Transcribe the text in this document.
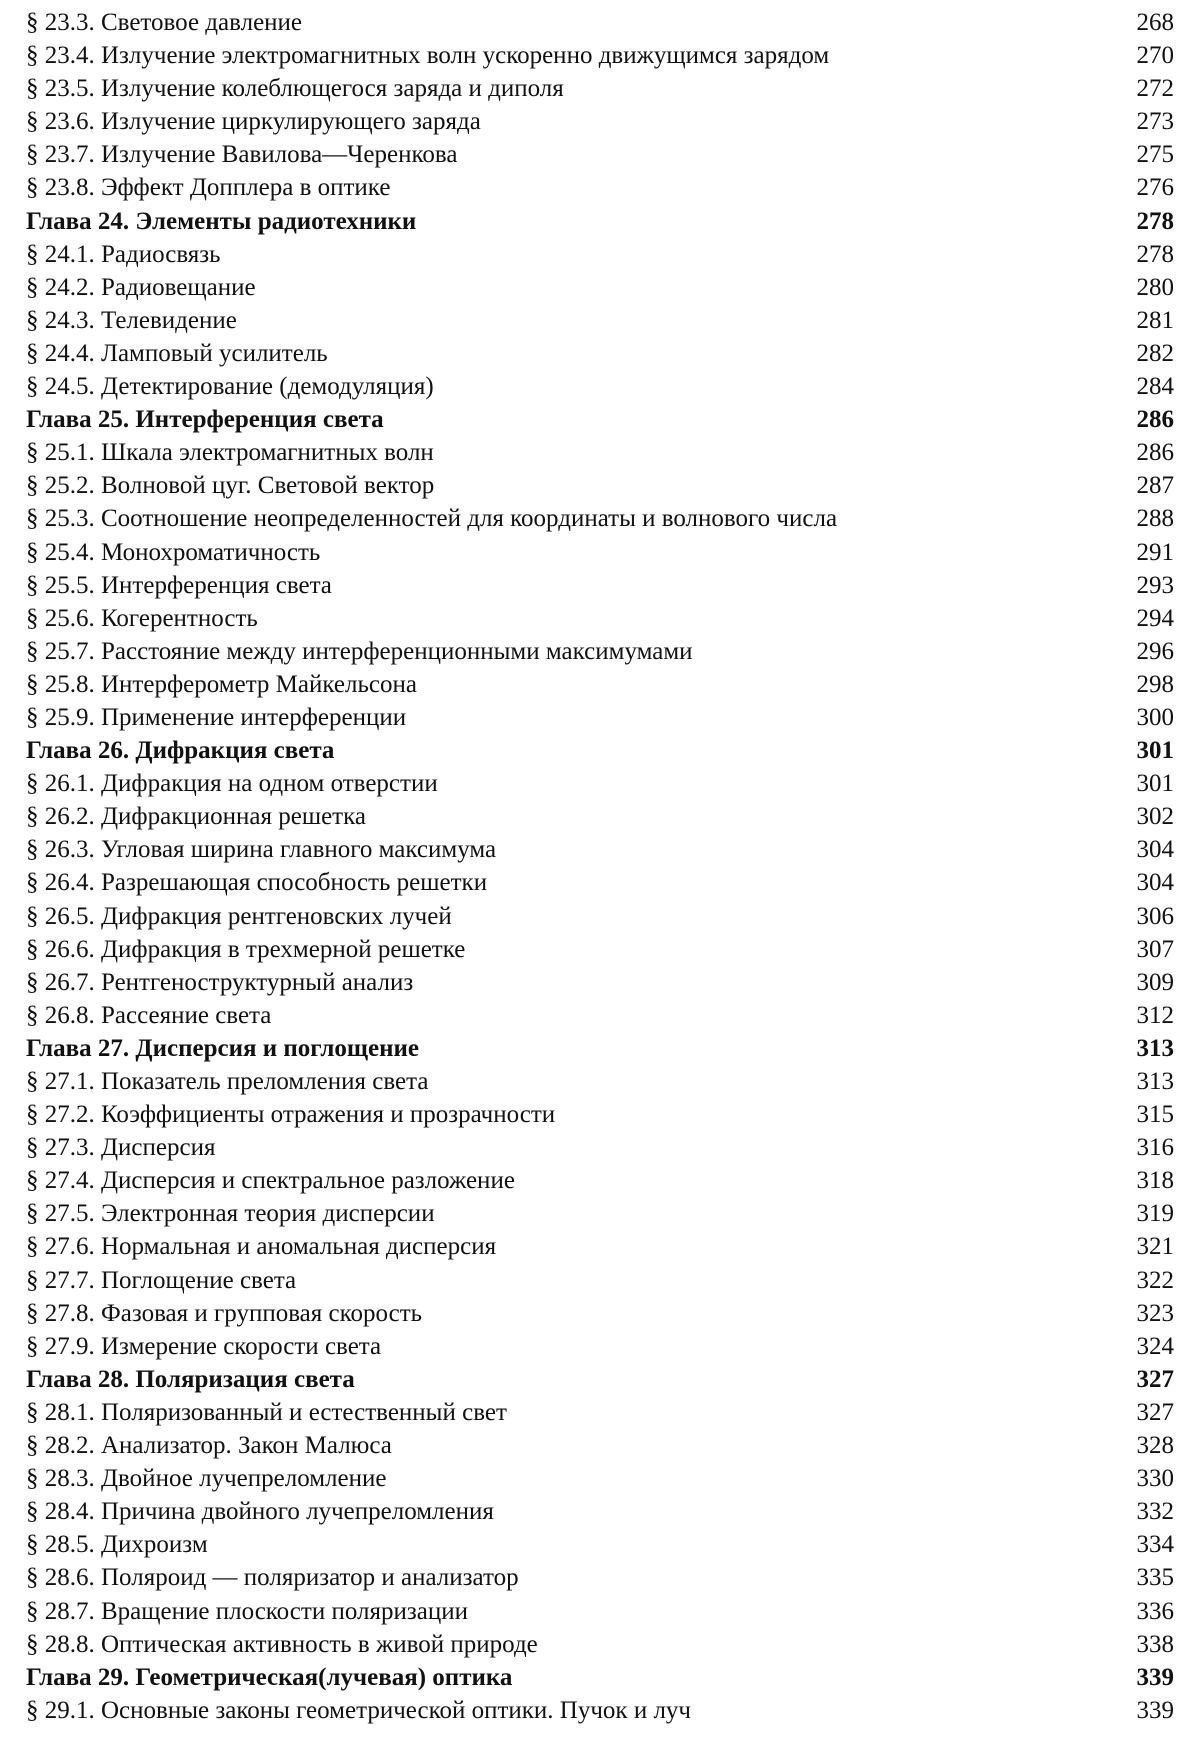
§ 23.3. Световое давление	268
§ 23.4. Излучение электромагнитных волн ускоренно движущимся зарядом	270
§ 23.5. Излучение колеблющегося заряда и диполя	272
§ 23.6. Излучение циркулирующего заряда	273
§ 23.7. Излучение Вавилова—Черенкова	275
§ 23.8. Эффект Допплера в оптике	276
Глава 24. Элементы радиотехники	278
§ 24.1. Радиосвязь	278
§ 24.2. Радиовещание	280
§ 24.3. Телевидение	281
§ 24.4. Ламповый усилитель	282
§ 24.5. Детектирование (демодуляция)	284
Глава 25. Интерференция света	286
§ 25.1. Шкала электромагнитных волн	286
§ 25.2. Волновой цуг. Световой вектор	287
§ 25.3. Соотношение неопределенностей для координаты и волнового числа	288
§ 25.4. Монохроматичность	291
§ 25.5. Интерференция света	293
§ 25.6. Когерентность	294
§ 25.7. Расстояние между интерференционными максимумами	296
§ 25.8. Интерферометр Майкельсона	298
§ 25.9. Применение интерференции	300
Глава 26. Дифракция света	301
§ 26.1. Дифракция на одном отверстии	301
§ 26.2. Дифракционная решетка	302
§ 26.3. Угловая ширина главного максимума	304
§ 26.4. Разрешающая способность решетки	304
§ 26.5. Дифракция рентгеновских лучей	306
§ 26.6. Дифракция в трехмерной решетке	307
§ 26.7. Рентгеноструктурный анализ	309
§ 26.8. Рассеяние света	312
Глава 27. Дисперсия и поглощение	313
§ 27.1. Показатель преломления света	313
§ 27.2. Коэффициенты отражения и прозрачности	315
§ 27.3. Дисперсия	316
§ 27.4. Дисперсия и спектральное разложение	318
§ 27.5. Электронная теория дисперсии	319
§ 27.6. Нормальная и аномальная дисперсия	321
§ 27.7. Поглощение света	322
§ 27.8. Фазовая и групповая скорость	323
§ 27.9. Измерение скорости света	324
Глава 28. Поляризация света	327
§ 28.1. Поляризованный и естественный свет	327
§ 28.2. Анализатор. Закон Малюса	328
§ 28.3. Двойное лучепреломление	330
§ 28.4. Причина двойного лучепреломления	332
§ 28.5. Дихроизм	334
§ 28.6. Поляроид — поляризатор и анализатор	335
§ 28.7. Вращение плоскости поляризации	336
§ 28.8. Оптическая активность в живой природе	338
Глава 29. Геометрическая(лучевая) оптика	339
§ 29.1. Основные законы геометрической оптики. Пучок и луч	339
